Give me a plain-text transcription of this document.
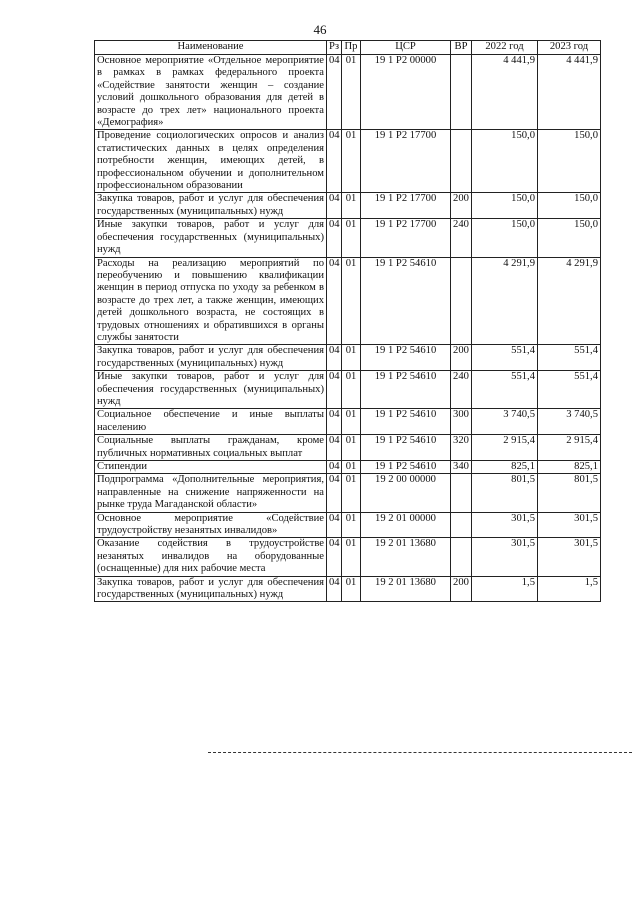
46
Наименование	Рз	Пр	ЦСР	ВР	2022 год	2023 год
Основное мероприятие «Отдельное мероприятие в рамках в рамках федерального проекта «Содействие занятости женщин – создание условий дошкольного образования для детей в возрасте до трех лет» национального проекта «Демография»	04	01	19 1 Р2 00000		4 441,9	4 441,9
Проведение социологических опросов и анализ статистических данных в целях определения потребности женщин, имеющих детей, в профессиональном обучении и дополнительном профессиональном образовании	04	01	19 1 Р2 17700		150,0	150,0
Закупка товаров, работ и услуг для обеспечения государственных (муниципальных) нужд	04	01	19 1 Р2 17700	200	150,0	150,0
Иные закупки товаров, работ и услуг для обеспечения государственных (муниципальных) нужд	04	01	19 1 Р2 17700	240	150,0	150,0
Расходы на реализацию мероприятий по переобучению и повышению квалификации женщин в период отпуска по уходу за ребенком в возрасте до трех лет, а также женщин, имеющих детей дошкольного возраста, не состоящих в трудовых отношениях и обратившихся в органы службы занятости	04	01	19 1 Р2 54610		4 291,9	4 291,9
Закупка товаров, работ и услуг для обеспечения государственных (муниципальных) нужд	04	01	19 1 Р2 54610	200	551,4	551,4
Иные закупки товаров, работ и услуг для обеспечения государственных (муниципальных) нужд	04	01	19 1 Р2 54610	240	551,4	551,4
Социальное обеспечение и иные выплаты населению	04	01	19 1 Р2 54610	300	3 740,5	3 740,5
Социальные выплаты гражданам, кроме публичных нормативных социальных выплат	04	01	19 1 Р2 54610	320	2 915,4	2 915,4
Стипендии	04	01	19 1 Р2 54610	340	825,1	825,1
Подпрограмма «Дополнительные мероприятия, направленные на снижение напряженности на рынке труда Магаданской области»	04	01	19 2 00 00000		801,5	801,5
Основное мероприятие «Содействие трудоустройству незанятых инвалидов»	04	01	19 2 01 00000		301,5	301,5
Оказание содействия в трудоустройстве незанятых инвалидов на оборудованные (оснащенные) для них рабочие места	04	01	19 2 01 13680		301,5	301,5
Закупка товаров, работ и услуг для обеспечения государственных (муниципальных) нужд	04	01	19 2 01 13680	200	1,5	1,5
